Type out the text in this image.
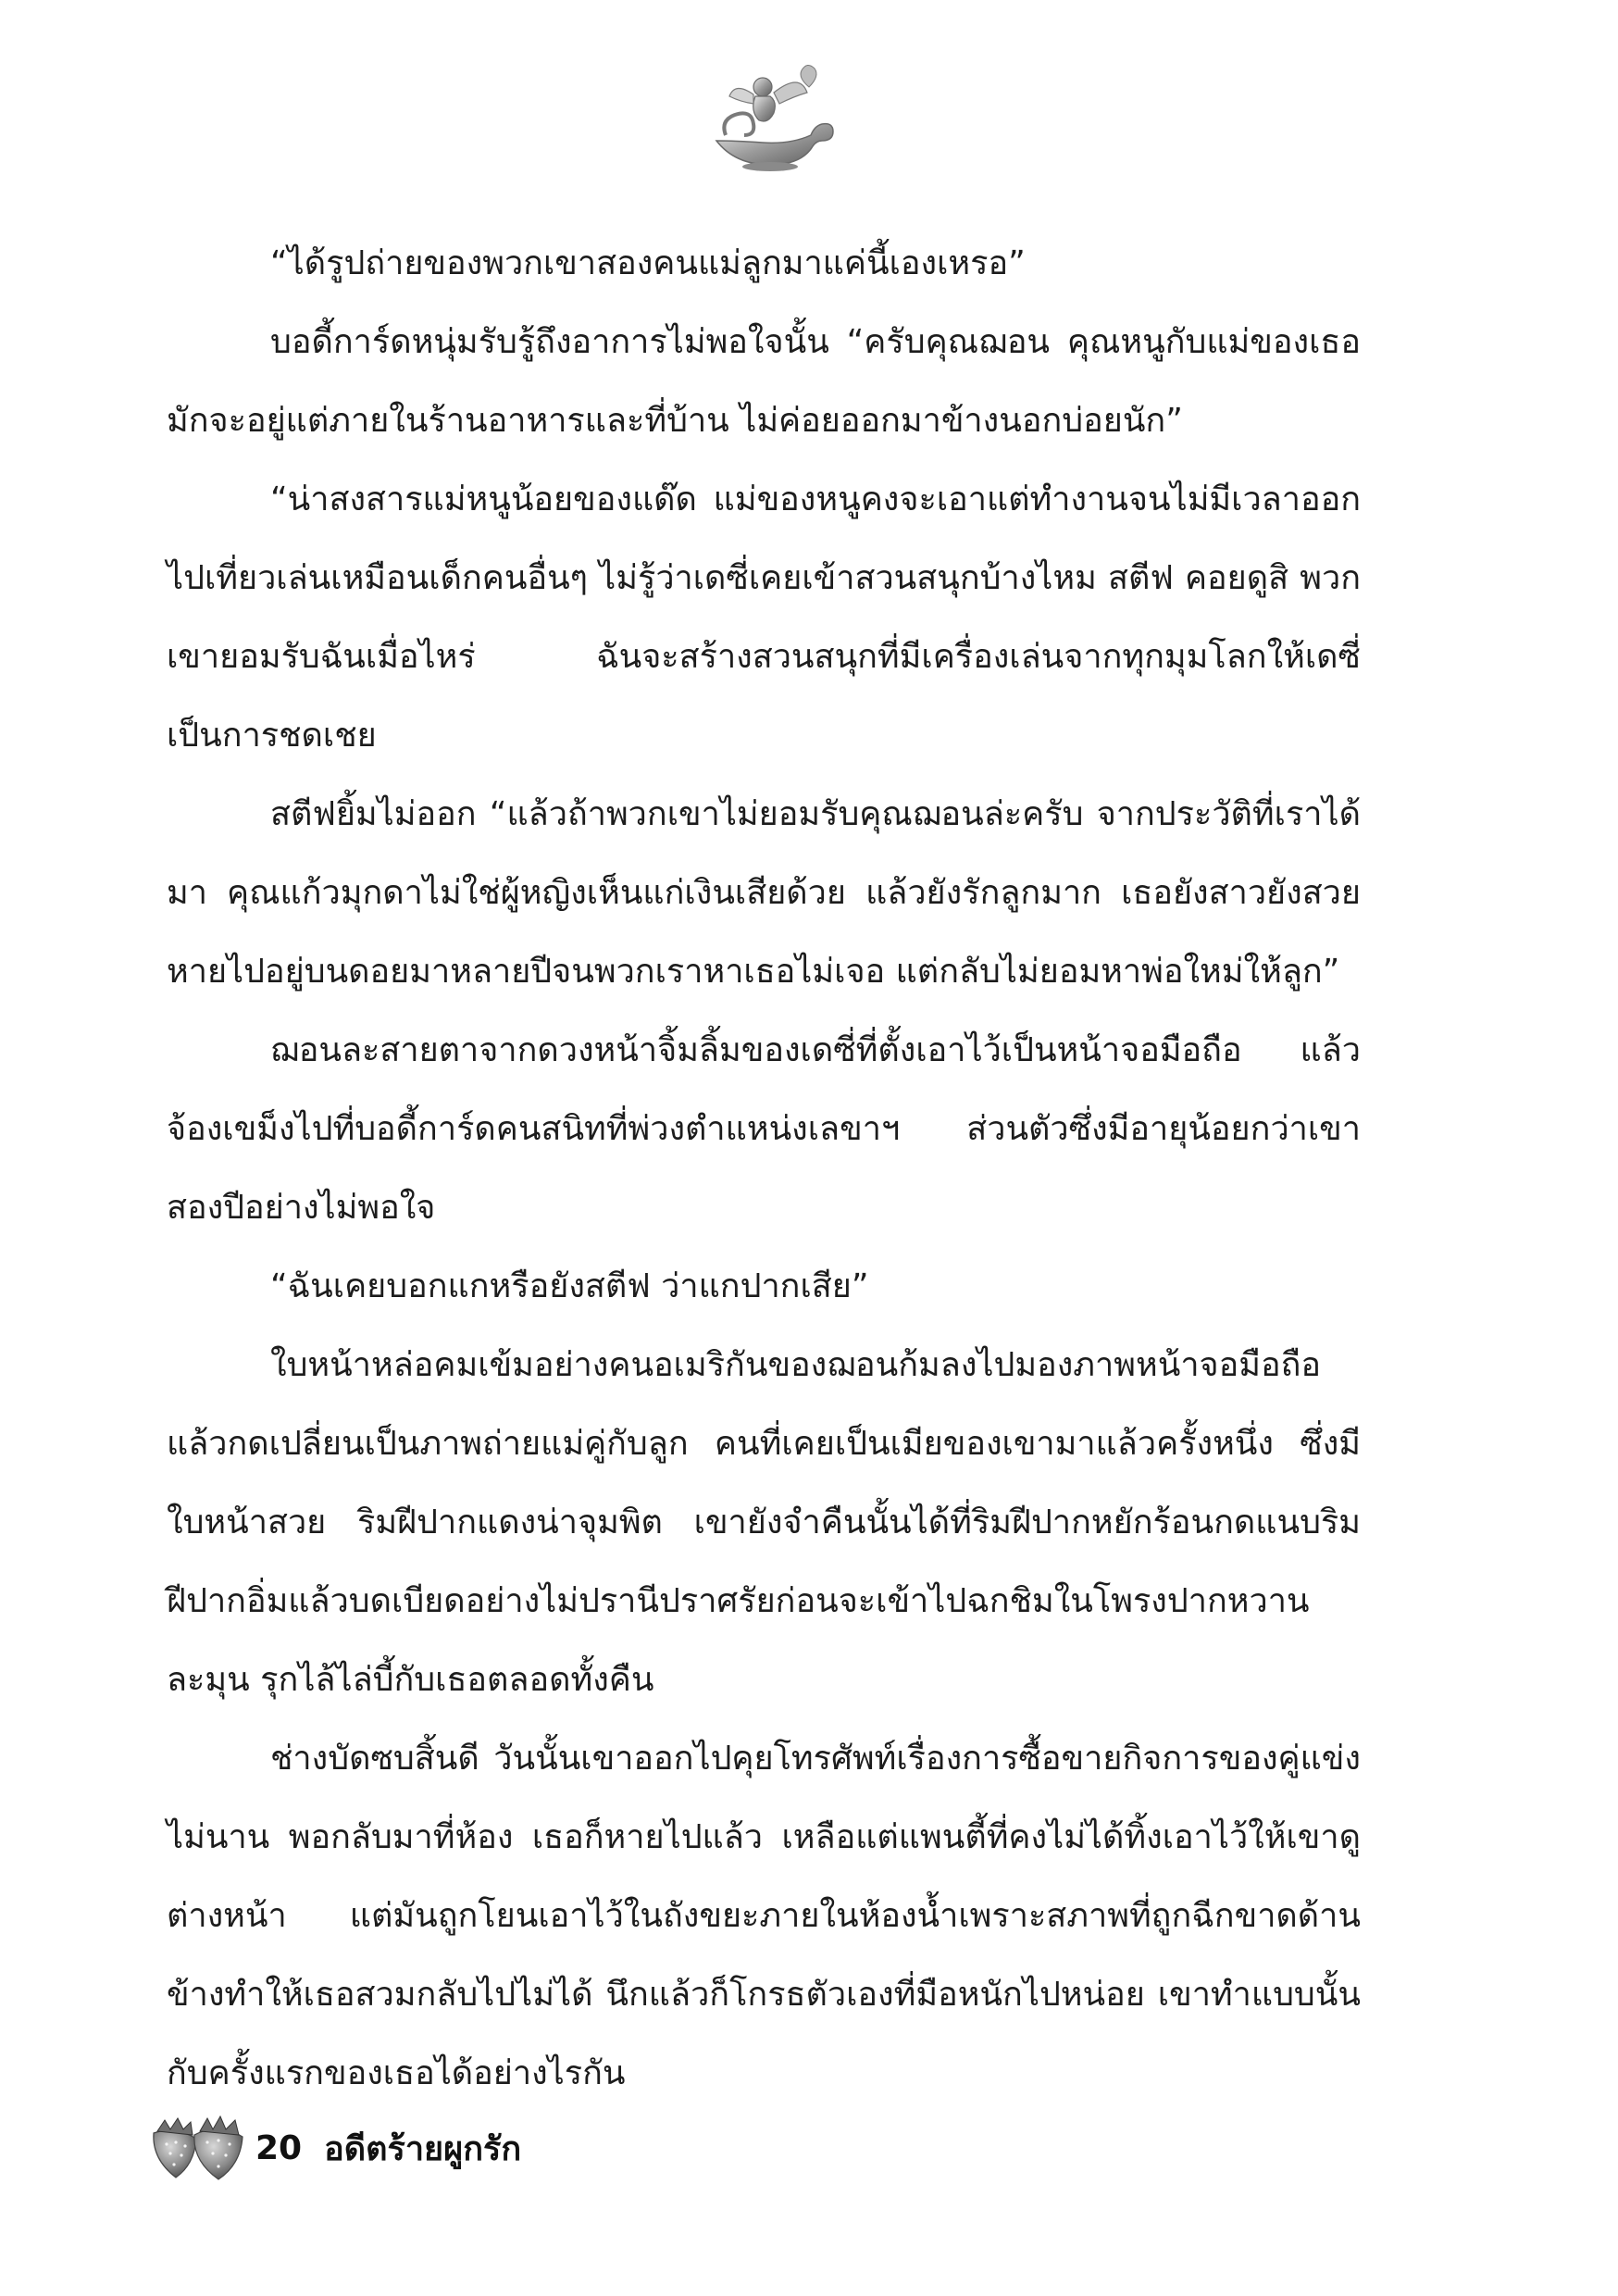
“ได้รูปถ่ายของพวกเขาสองคนแม่ลูกมาแค่นี้เองเหรอ”

บอดี้การ์ดหนุ่มรับรู้ถึงอาการไม่พอใจนั้น “ครับคุณฌอน คุณหนูกับแม่ของเธอมักจะอยู่แต่ภายในร้านอาหารและที่บ้าน ไม่ค่อยออกมาข้างนอกบ่อยนัก”

“น่าสงสารแม่หนูน้อยของแด๊ด แม่ของหนูคงจะเอาแต่ทำงานจนไม่มีเวลาออกไปเที่ยวเล่นเหมือนเด็กคนอื่นๆ ไม่รู้ว่าเดซี่เคยเข้าสวนสนุกบ้างไหม สตีฟ คอยดูสิ พวกเขายอมรับฉันเมื่อไหร่ ฉันจะสร้างสวนสนุกที่มีเครื่องเล่นจากทุกมุมโลกให้เดซี่เป็นการชดเชย

สตีฟยิ้มไม่ออก “แล้วถ้าพวกเขาไม่ยอมรับคุณฌอนล่ะครับ จากประวัติที่เราได้มา คุณแก้วมุกดาไม่ใช่ผู้หญิงเห็นแก่เงินเสียด้วย แล้วยังรักลูกมาก เธอยังสาวยังสวยหายไปอยู่บนดอยมาหลายปีจนพวกเราหาเธอไม่เจอ แต่กลับไม่ยอมหาพ่อใหม่ให้ลูก”

ฌอนละสายตาจากดวงหน้าจิ้มลิ้มของเดซี่ที่ตั้งเอาไว้เป็นหน้าจอมือถือ แล้วจ้องเขม็งไปที่บอดี้การ์ดคนสนิทที่พ่วงตำแหน่งเลขาฯ ส่วนตัวซึ่งมีอายุน้อยกว่าเขาสองปีอย่างไม่พอใจ

“ฉันเคยบอกแกหรือยังสตีฟ ว่าแกปากเสีย”

ใบหน้าหล่อคมเข้มอย่างคนอเมริกันของฌอนก้มลงไปมองภาพหน้าจอมือถือแล้วกดเปลี่ยนเป็นภาพถ่ายแม่คู่กับลูก คนที่เคยเป็นเมียของเขามาแล้วครั้งหนึ่ง ซึ่งมีใบหน้าสวย ริมฝีปากแดงน่าจุมพิต เขายังจำคืนนั้นได้ที่ริมฝีปากหยักร้อนกดแนบริมฝีปากอิ่มแล้วบดเบียดอย่างไม่ปรานีปราศรัยก่อนจะเข้าไปฉกชิมในโพรงปากหวานละมุน รุกไล้ไล่บี้กับเธอตลอดทั้งคืน

ช่างบัดซบสิ้นดี วันนั้นเขาออกไปคุยโทรศัพท์เรื่องการซื้อขายกิจการของคู่แข่งไม่นาน พอกลับมาที่ห้อง เธอก็หายไปแล้ว เหลือแต่แพนตี้ที่คงไม่ได้ทิ้งเอาไว้ให้เขาดูต่างหน้า แต่มันถูกโยนเอาไว้ในถังขยะภายในห้องน้ำเพราะสภาพที่ถูกฉีกขาดด้านข้างทำให้เธอสวมกลับไปไม่ได้ นึกแล้วก็โกรธตัวเองที่มือหนักไปหน่อย เขาทำแบบนั้นกับครั้งแรกของเธอได้อย่างไรกัน

20 อดีตร้ายผูกรัก
